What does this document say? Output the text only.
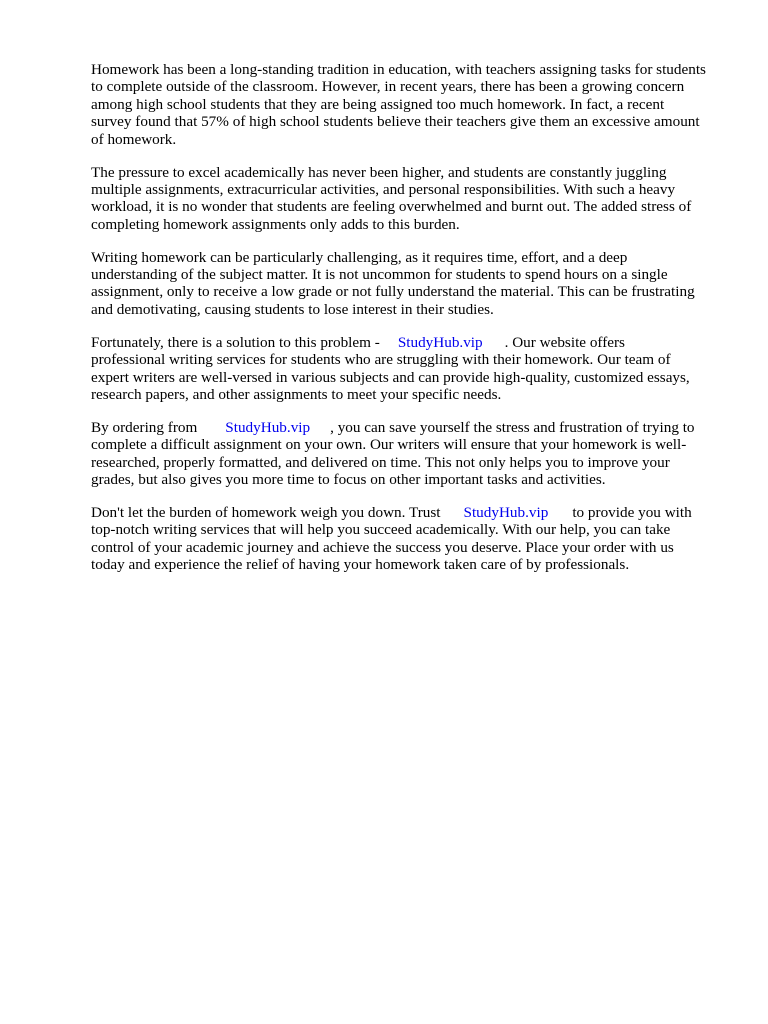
Homework has been a long-standing tradition in education, with teachers assigning tasks for students
to complete outside of the classroom. However, in recent years, there has been a growing concern
among high school students that they are being assigned too much homework. In fact, a recent
survey found that 57% of high school students believe their teachers give them an excessive amount
of homework.
The pressure to excel academically has never been higher, and students are constantly juggling
multiple assignments, extracurricular activities, and personal responsibilities. With such a heavy
workload, it is no wonder that students are feeling overwhelmed and burnt out. The added stress of
completing homework assignments only adds to this burden.
Writing homework can be particularly challenging, as it requires time, effort, and a deep
understanding of the subject matter. It is not uncommon for students to spend hours on a single
assignment, only to receive a low grade or not fully understand the material. This can be frustrating
and demotivating, causing students to lose interest in their studies.
Fortunately, there is a solution to this problem - StudyHub.vip . Our website offers
professional writing services for students who are struggling with their homework. Our team of
expert writers are well-versed in various subjects and can provide high-quality, customized essays,
research papers, and other assignments to meet your specific needs.
By ordering from StudyHub.vip , you can save yourself the stress and frustration of trying to
complete a difficult assignment on your own. Our writers will ensure that your homework is well-
researched, properly formatted, and delivered on time. This not only helps you to improve your
grades, but also gives you more time to focus on other important tasks and activities.
Don't let the burden of homework weigh you down. Trust StudyHub.vip to provide you with
top-notch writing services that will help you succeed academically. With our help, you can take
control of your academic journey and achieve the success you deserve. Place your order with us
today and experience the relief of having your homework taken care of by professionals.
